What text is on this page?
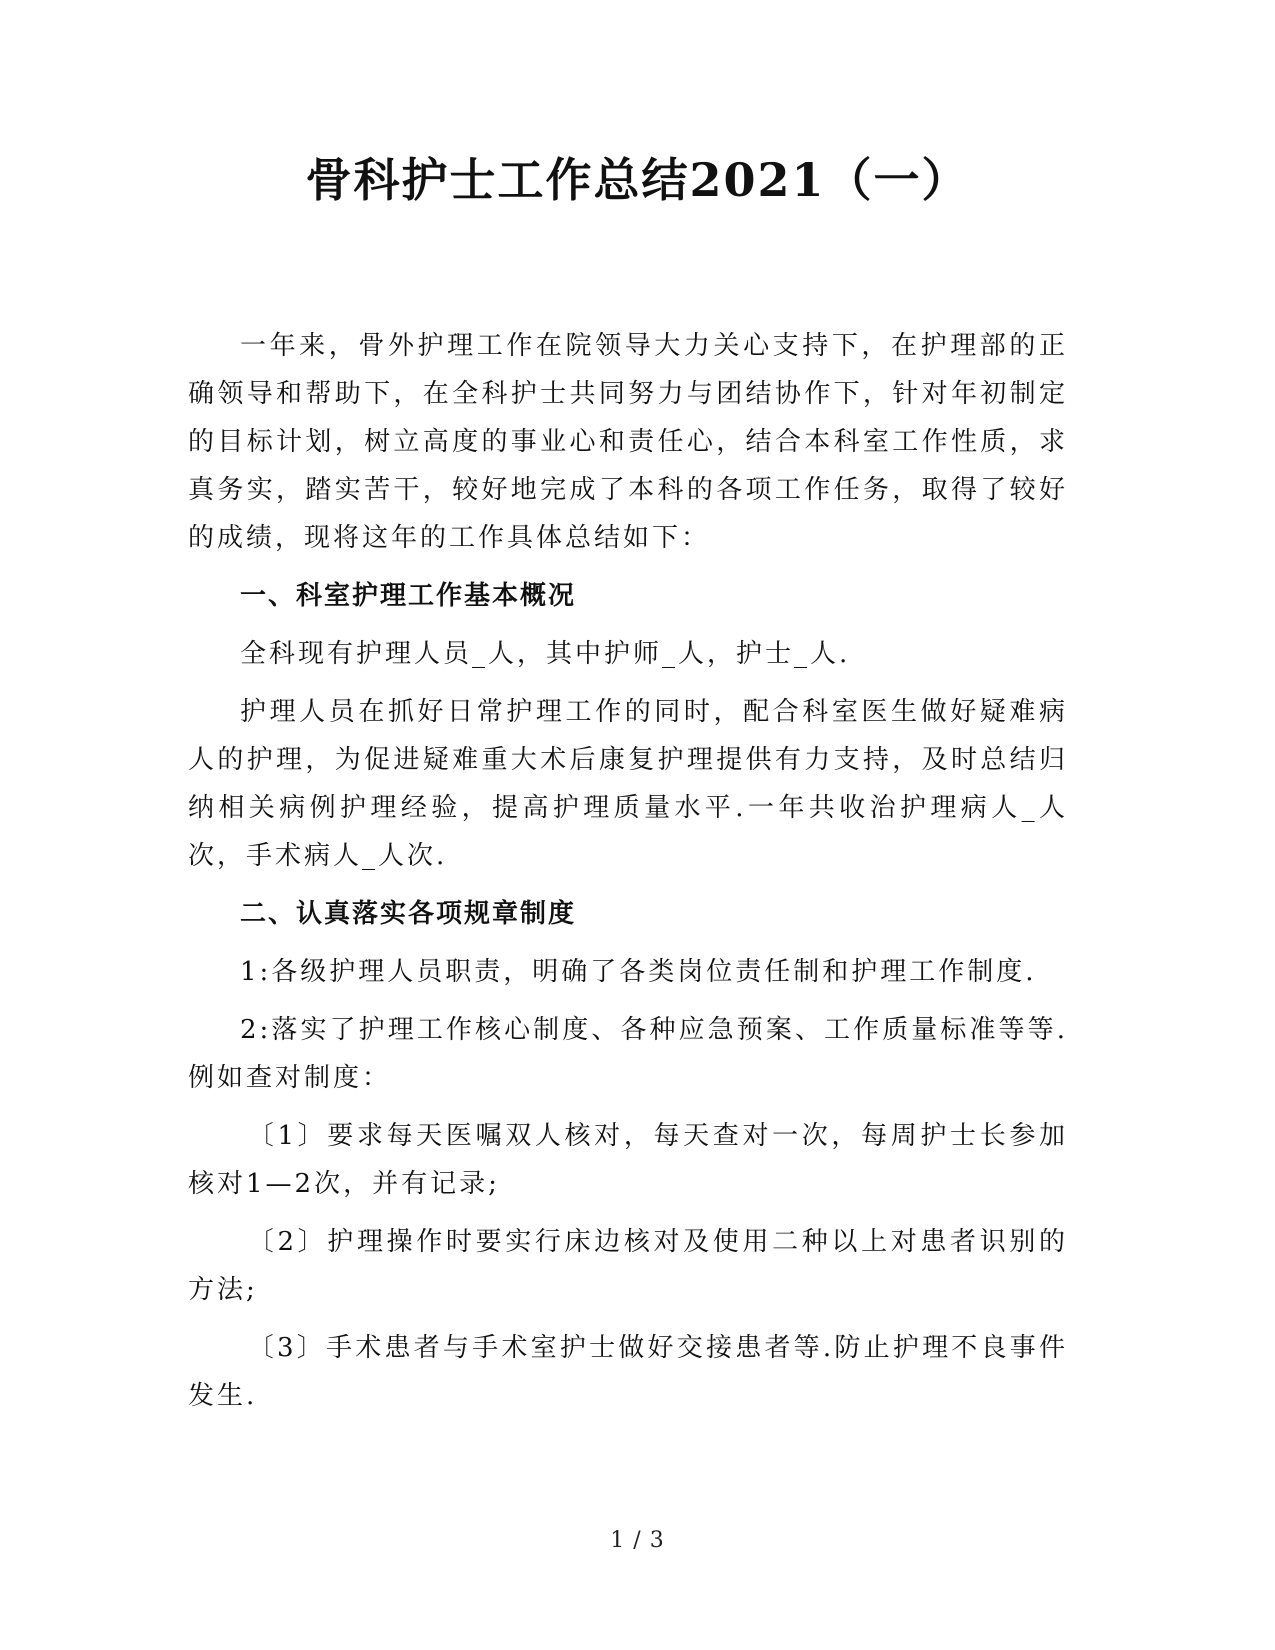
骨科护士工作总结2021（一）

一年来，骨外护理工作在院领导大力关心支持下，在护理部的正确领导和帮助下，在全科护士共同努力与团结协作下，针对年初制定的目标计划，树立高度的事业心和责任心，结合本科室工作性质，求真务实，踏实苦干，较好地完成了本科的各项工作任务，取得了较好的成绩，现将这年的工作具体总结如下：

一、科室护理工作基本概况

全科现有护理人员_人，其中护师_人，护士_人.

护理人员在抓好日常护理工作的同时，配合科室医生做好疑难病人的护理，为促进疑难重大术后康复护理提供有力支持，及时总结归纳相关病例护理经验，提高护理质量水平.一年共收治护理病人_人次，手术病人_人次.

二、认真落实各项规章制度

1:各级护理人员职责，明确了各类岗位责任制和护理工作制度.

2:落实了护理工作核心制度、各种应急预案、工作质量标准等等.例如查对制度：

〔1〕要求每天医嘱双人核对，每天查对一次，每周护士长参加核对1—2次，并有记录;

〔2〕护理操作时要实行床边核对及使用二种以上对患者识别的方法;

〔3〕手术患者与手术室护士做好交接患者等.防止护理不良事件发生.

1 / 3
